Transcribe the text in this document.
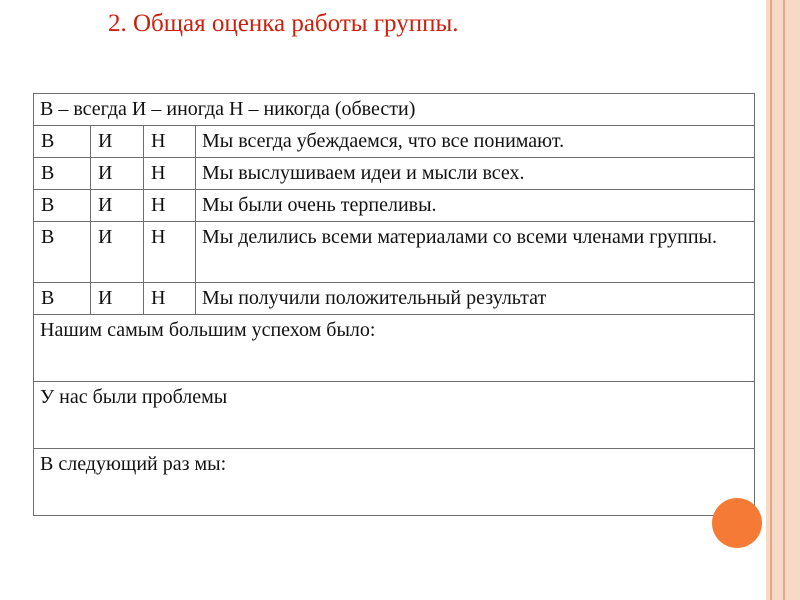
2. Общая оценка работы группы.
В – всегда И – иногда Н – никогда (обвести)			
В	И	Н	Мы всегда убеждаемся, что все понимают.
В	И	Н	Мы выслушиваем идеи и мысли всех.
В	И	Н	Мы были очень терпеливы.
В	И	Н	Мы делились всеми материалами со всеми членами группы.
В	И	Н	Мы получили положительный результат
Нашим самым большим успехом было:			
У нас были проблемы			
В следующий раз мы:			
